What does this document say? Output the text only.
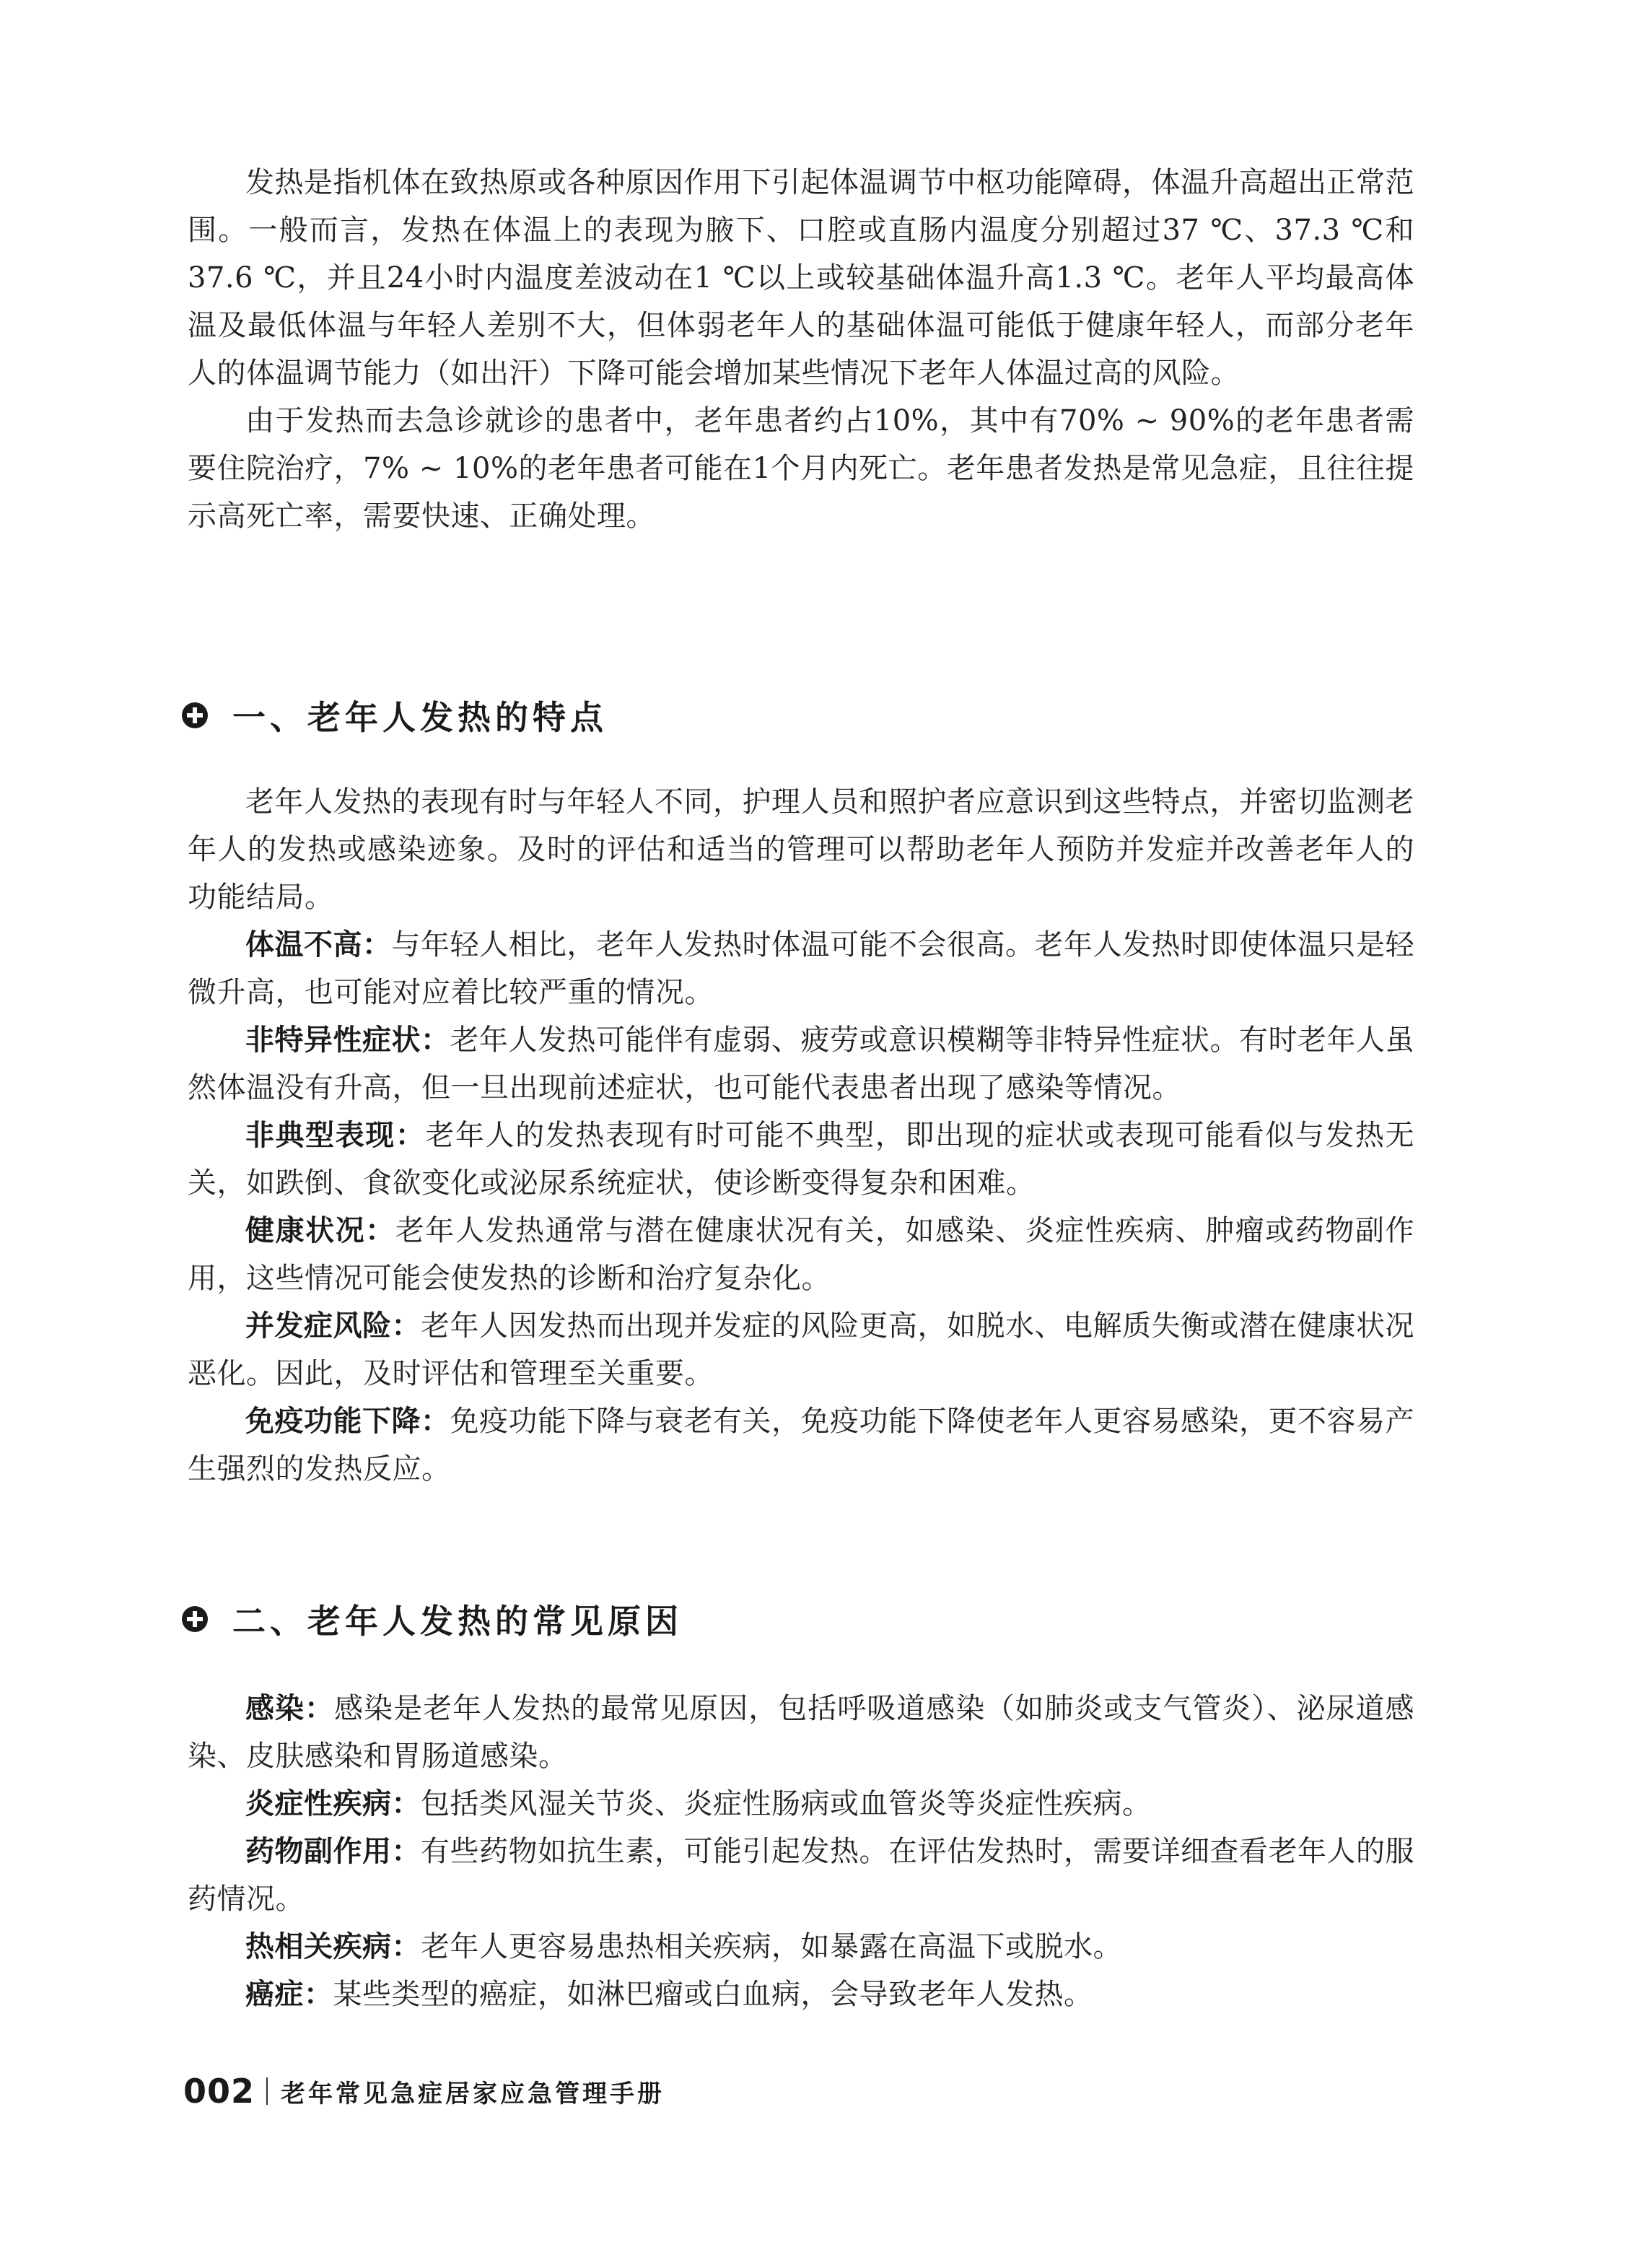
发热是指机体在致热原或各种原因作用下引起体温调节中枢功能障碍，体温升高超出正常范围。一般而言，发热在体温上的表现为腋下、口腔或直肠内温度分别超过37 ℃、37.3 ℃和37.6 ℃，并且24小时内温度差波动在1 ℃以上或较基础体温升高1.3 ℃。老年人平均最高体温及最低体温与年轻人差别不大，但体弱老年人的基础体温可能低于健康年轻人，而部分老年人的体温调节能力（如出汗）下降可能会增加某些情况下老年人体温过高的风险。

由于发热而去急诊就诊的患者中，老年患者约占10%，其中有70% ~ 90%的老年患者需要住院治疗，7% ~ 10%的老年患者可能在1个月内死亡。老年患者发热是常见急症，且往往提示高死亡率，需要快速、正确处理。

一、老年人发热的特点

老年人发热的表现有时与年轻人不同，护理人员和照护者应意识到这些特点，并密切监测老年人的发热或感染迹象。及时的评估和适当的管理可以帮助老年人预防并发症并改善老年人的功能结局。

体温不高：与年轻人相比，老年人发热时体温可能不会很高。老年人发热时即使体温只是轻微升高，也可能对应着比较严重的情况。

非特异性症状：老年人发热可能伴有虚弱、疲劳或意识模糊等非特异性症状。有时老年人虽然体温没有升高，但一旦出现前述症状，也可能代表患者出现了感染等情况。

非典型表现：老年人的发热表现有时可能不典型，即出现的症状或表现可能看似与发热无关，如跌倒、食欲变化或泌尿系统症状，使诊断变得复杂和困难。

健康状况：老年人发热通常与潜在健康状况有关，如感染、炎症性疾病、肿瘤或药物副作用，这些情况可能会使发热的诊断和治疗复杂化。

并发症风险：老年人因发热而出现并发症的风险更高，如脱水、电解质失衡或潜在健康状况恶化。因此，及时评估和管理至关重要。

免疫功能下降：免疫功能下降与衰老有关，免疫功能下降使老年人更容易感染，更不容易产生强烈的发热反应。

二、老年人发热的常见原因

感染：感染是老年人发热的最常见原因，包括呼吸道感染（如肺炎或支气管炎）、泌尿道感染、皮肤感染和胃肠道感染。

炎症性疾病：包括类风湿关节炎、炎症性肠病或血管炎等炎症性疾病。

药物副作用：有些药物如抗生素，可能引起发热。在评估发热时，需要详细查看老年人的服药情况。

热相关疾病：老年人更容易患热相关疾病，如暴露在高温下或脱水。

癌症：某些类型的癌症，如淋巴瘤或白血病，会导致老年人发热。

002 老年常见急症居家应急管理手册
